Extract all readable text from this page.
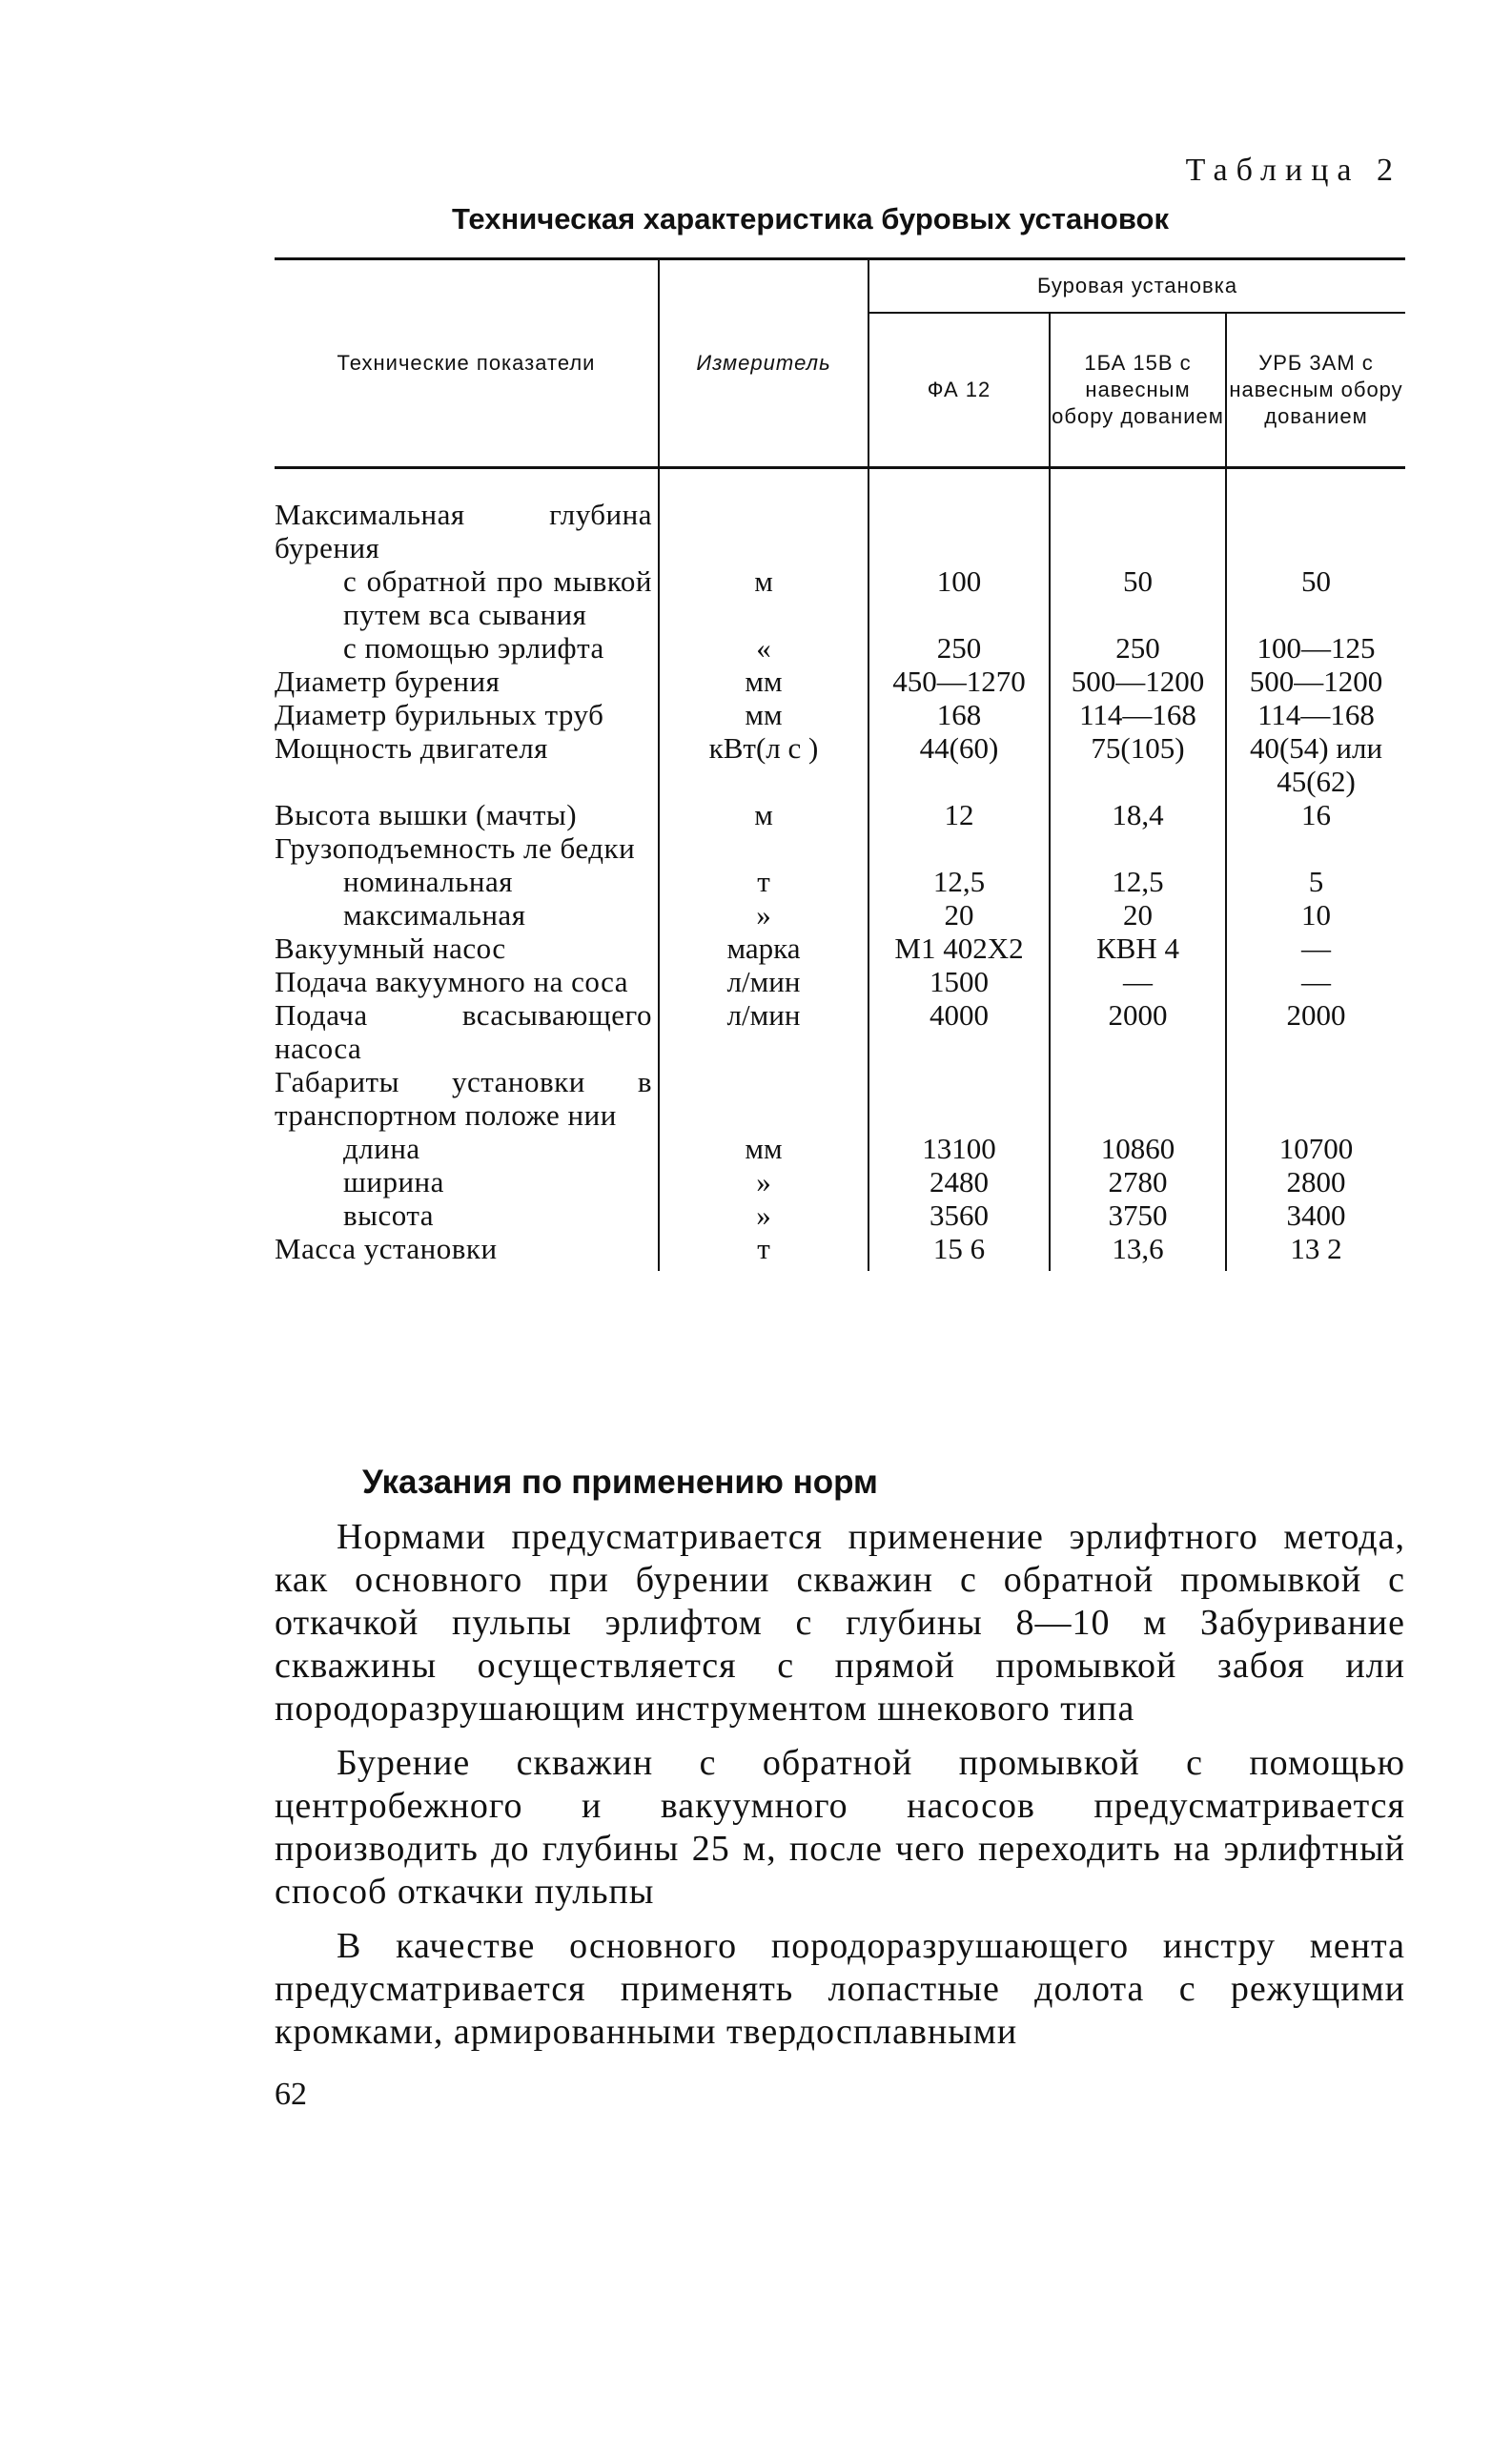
Таблица 2
Техническая характеристика буровых установок
Технические показатели	Измеритель	Буровая установка		
		ФА 12	1БА 15В с навесным обору дованием	УРБ 3АМ с навесным обору дованием
Максимальная глубина бурения				
с обратной про мывкой путем вса сывания	м	100	50	50
с помощью эрлифта	«	250	250	100—125
Диаметр бурения	мм	450—1270	500—1200	500—1200
Диаметр бурильных труб	мм	168	114—168	114—168
Мощность двигателя	кВт(л с )	44(60)	75(105)	40(54) или 45(62)
Высота вышки (мачты)	м	12	18,4	16
Грузоподъемность ле бедки				
номинальная	т	12,5	12,5	5
максимальная	»	20	20	10
Вакуумный насос	марка	М1 402Х2	КВН 4	—
Подача вакуумного на соса	л/мин	1500	—	—
Подача всасывающего насоса	л/мин	4000	2000	2000
Габариты установки в транспортном положе нии				
длина	мм	13100	10860	10700
ширина	»	2480	2780	2800
высота	»	3560	3750	3400
Масса установки	т	15 6	13,6	13 2
Указания по применению норм

Нормами предусматривается применение эрлифтного метода, как основного при бурении скважин с обратной промывкой с откачкой пульпы эрлифтом с глубины 8—10 м Забуривание скважины осуществляется с прямой промывкой забоя или породоразрушающим инструментом шнекового типа

Бурение скважин с обратной промывкой с помощью центробежного и вакуумного насосов предусматривается производить до глубины 25 м, после чего переходить на эрлифтный способ откачки пульпы

В качестве основного породоразрушающего инстру мента предусматривается применять лопастные долота с режущими кромками, армированными твердосплавными

62
